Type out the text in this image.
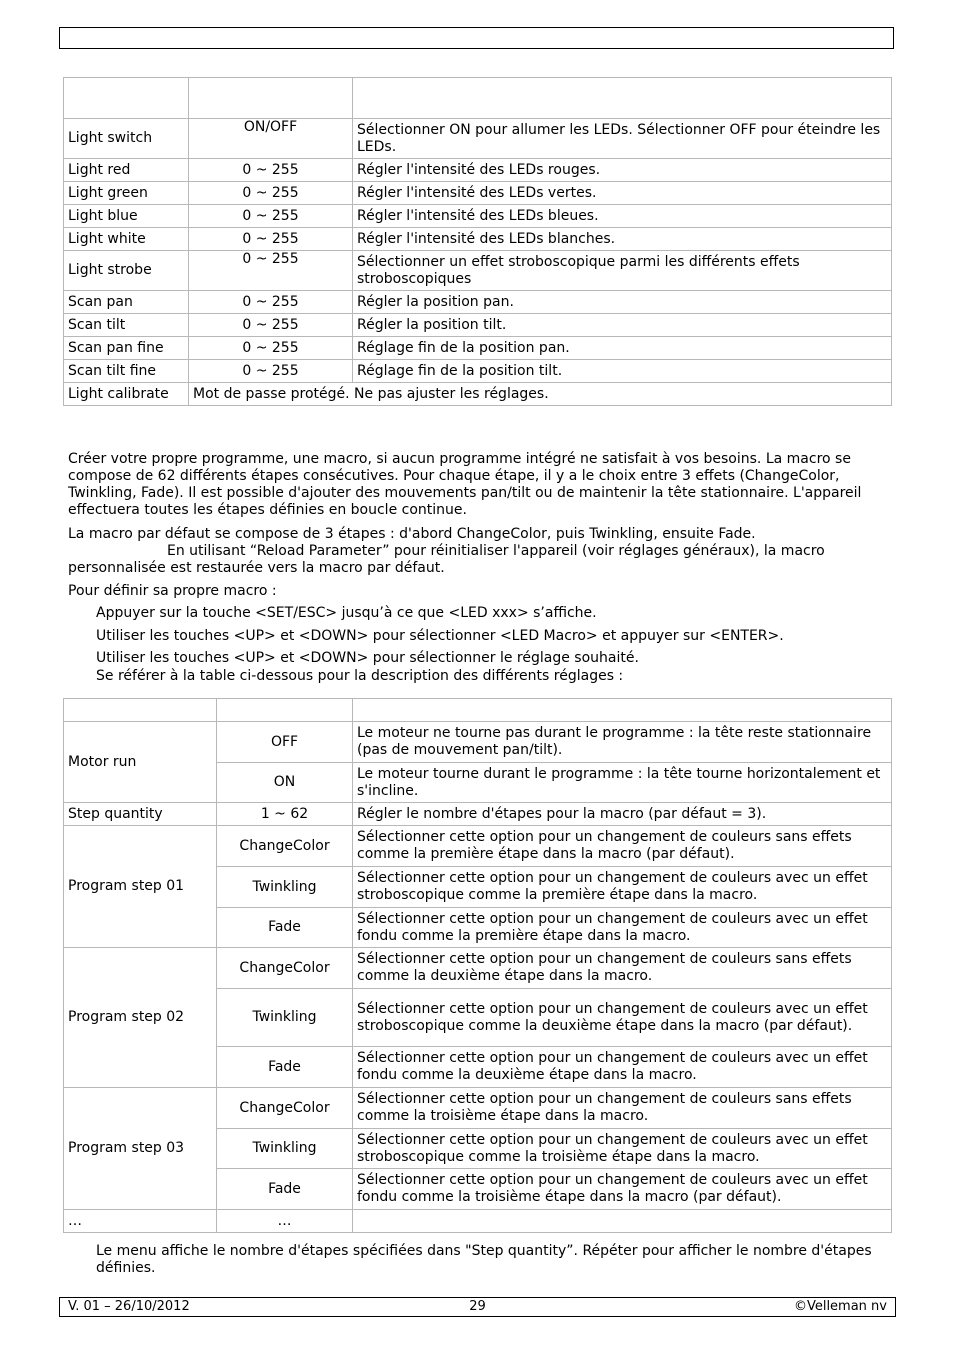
Light switch	ON/OFF	Sélectionner ON pour allumer les LEDs. Sélectionner OFF pour éteindre les LEDs.
Light red	0 ~ 255	Régler l'intensité des LEDs rouges.
Light green	0 ~ 255	Régler l'intensité des LEDs vertes.
Light blue	0 ~ 255	Régler l'intensité des LEDs bleues.
Light white	0 ~ 255	Régler l'intensité des LEDs blanches.
Light strobe	0 ~ 255	Sélectionner un effet stroboscopique parmi les différents effets stroboscopiques
Scan pan	0 ~ 255	Régler la position pan.
Scan tilt	0 ~ 255	Régler la position tilt.
Scan pan fine	0 ~ 255	Réglage fin de la position pan.
Scan tilt fine	0 ~ 255	Réglage fin de la position tilt.
Light calibrate	Mot de passe protégé. Ne pas ajuster les réglages.	

Créer votre propre programme, une macro, si aucun programme intégré ne satisfait à vos besoins. La macro se compose de 62 différents étapes consécutives. Pour chaque étape, il y a le choix entre 3 effets (ChangeColor, Twinkling, Fade). Il est possible d'ajouter des mouvements pan/tilt ou de maintenir la tête stationnaire. L'appareil effectuera toutes les étapes définies en boucle continue.

La macro par défaut se compose de 3 étapes : d'abord ChangeColor, puis Twinkling, ensuite Fade.
En utilisant “Reload Parameter” pour réinitialiser l'appareil (voir réglages généraux), la macro personnalisée est restaurée vers la macro par défaut.

Pour définir sa propre macro :

Appuyer sur la touche <SET/ESC> jusqu’à ce que <LED xxx> s’affiche.

Utiliser les touches <UP> et <DOWN> pour sélectionner <LED Macro> et appuyer sur <ENTER>.

Utiliser les touches <UP> et <DOWN> pour sélectionner le réglage souhaité.

Se référer à la table ci-dessous pour la description des différents réglages :

Motor run	OFF	Le moteur ne tourne pas durant le programme : la tête reste stationnaire (pas de mouvement pan/tilt).
	ON	Le moteur tourne durant le programme : la tête tourne horizontalement et s'incline.
Step quantity	1 ~ 62	Régler le nombre d'étapes pour la macro (par défaut = 3).
Program step 01	ChangeColor	Sélectionner cette option pour un changement de couleurs sans effets comme la première étape dans la macro (par défaut).
	Twinkling	Sélectionner cette option pour un changement de couleurs avec un effet stroboscopique comme la première étape dans la macro.
	Fade	Sélectionner cette option pour un changement de couleurs avec un effet fondu comme la première étape dans la macro.
Program step 02	ChangeColor	Sélectionner cette option pour un changement de couleurs sans effets comme la deuxième étape dans la macro.
	Twinkling	Sélectionner cette option pour un changement de couleurs avec un effet stroboscopique comme la deuxième étape dans la macro (par défaut).
	Fade	Sélectionner cette option pour un changement de couleurs avec un effet fondu comme la deuxième étape dans la macro.
Program step 03	ChangeColor	Sélectionner cette option pour un changement de couleurs sans effets comme la troisième étape dans la macro.
	Twinkling	Sélectionner cette option pour un changement de couleurs avec un effet stroboscopique comme la troisième étape dans la macro.
	Fade	Sélectionner cette option pour un changement de couleurs avec un effet fondu comme la troisième étape dans la macro (par défaut).
…	…	

Le menu affiche le nombre d'étapes spécifiées dans "Step quantity”. Répéter pour afficher le nombre d'étapes définies.

V. 01 – 26/10/2012	29	©Velleman nv
